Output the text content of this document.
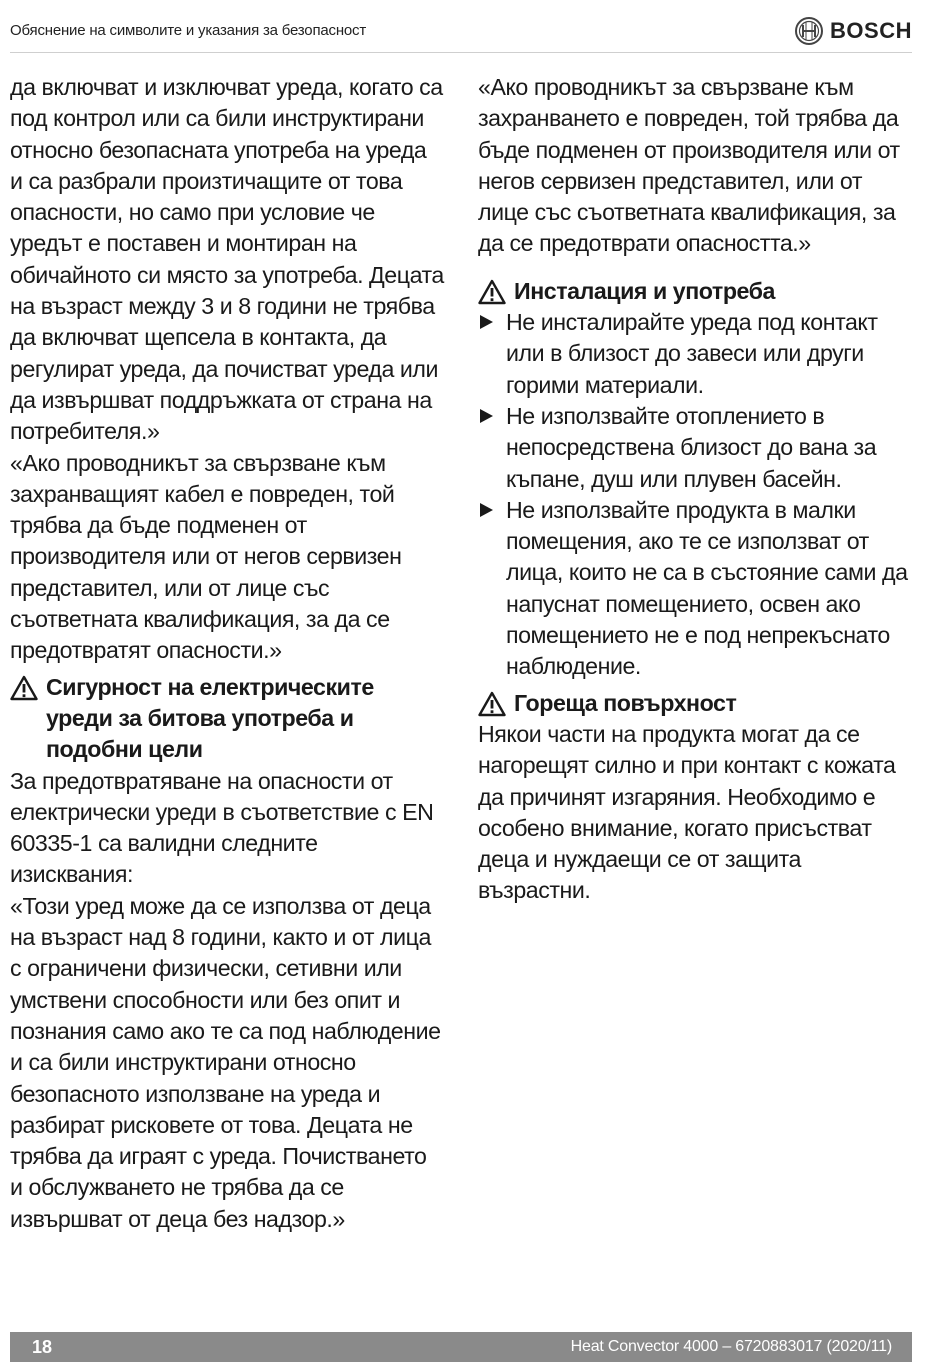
Обяснение на символите и указания за безопасност	BOSCH

да включват и изключват уреда, когато са под контрол или са били инструктирани относно безопасната употреба на уреда и са разбрали произтичащите от това опасности, но само при условие че уредът е поставен и монтиран на обичайното си място за употреба. Децата на възраст между 3 и 8 години не трябва да включват щепсела в контакта, да регулират уреда, да почистват уреда или да извършват поддръжката от страна на потребителя.»

«Ако проводникът за свързване към захранващият кабел е повреден, той трябва да бъде подменен от производителя или от негов сервизен представител, или от лице със съответната квалификация, за да се предотвратят опасности.»

Сигурност на електрическите уреди за битова употреба и подобни цели

За предотвратяване на опасности от електрически уреди в съответствие с EN 60335-1 са валидни следните изисквания:

«Този уред може да се използва от деца на възраст над 8 години, както и от лица с ограничени физически, сетивни или умствени способности или без опит и познания само ако те са под наблюдение и са били инструктирани относно безопасното използване на уреда и разбират рисковете от това. Децата не трябва да играят с уреда. Почистването и обслужването не трябва да се извършват от деца без надзор.»

«Ако проводникът за свързване към захранването е повреден, той трябва да бъде подменен от производителя или от негов сервизен представител, или от лице със съответната квалификация, за да се предотврати опасността.»

Инсталация и употреба
Не инсталирайте уреда под контакт или в близост до завеси или други горими материали.
Не използвайте отоплението в непосредствена близост до вана за къпане, душ или плувен басейн.
Не използвайте продукта в малки помещения, ако те се използват от лица, които не са в състояние сами да напуснат помещението, освен ако помещението не е под непрекъснато наблюдение.
Гореща повърхност

Някои части на продукта могат да се нагорещят силно и при контакт с кожата да причинят изгаряния. Необходимо е особено внимание, когато присъстват деца и нуждаещи се от защита възрастни.

18	Heat Convector 4000 – 6720883017 (2020/11)
